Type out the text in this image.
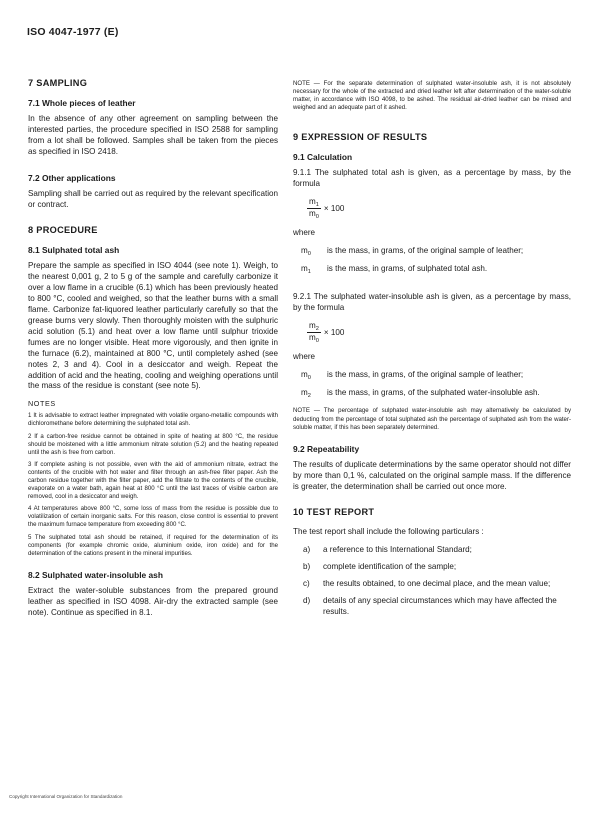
ISO 4047-1977 (E)
7 SAMPLING
7.1 Whole pieces of leather

In the absence of any other agreement on sampling between the interested parties, the procedure specified in ISO 2588 for sampling from a lot shall be followed. Samples shall be taken from the pieces as specified in ISO 2418.

7.2 Other applications

Sampling shall be carried out as required by the relevant specification or contract.

8 PROCEDURE
8.1 Sulphated total ash

Prepare the sample as specified in ISO 4044 (see note 1). Weigh, to the nearest 0,001 g, 2 to 5 g of the sample and carefully carbonize it over a low flame in a crucible (6.1) which has been previously heated to 800 °C, cooled and weighed, so that the leather burns with a small flame. Carbonize fat-liquored leather particularly carefully so that the grease burns very slowly. Then thoroughly moisten with the sulphuric acid solution (5.1) and heat over a low flame until sulphur trioxide fumes are no longer visible. Heat more vigorously, and then ignite in the furnace (6.2), maintained at 800 °C, until completely ashed (see notes 2, 3 and 4). Cool in a desiccator and weigh. Repeat the addition of acid and the heating, cooling and weighing operations until the mass of the residue is constant (see note 5).

NOTES

1 It is advisable to extract leather impregnated with volatile organo-metallic compounds with dichloromethane before determining the sulphated total ash.

2 If a carbon-free residue cannot be obtained in spite of heating at 800 °C, the residue should be moistened with a little ammonium nitrate solution (5.2) and the heating repeated until the ash is free from carbon.

3 If complete ashing is not possible, even with the aid of ammonium nitrate, extract the contents of the crucible with hot water and filter through an ash-free filter paper. Ash the carbon residue together with the filter paper, add the filtrate to the contents of the crucible, evaporate on a water bath, again heat at 800 °C until the last traces of visible carbon are removed, cool in a desiccator and weigh.

4 At temperatures above 800 °C, some loss of mass from the residue is possible due to volatilization of certain inorganic salts. For this reason, close control is essential to prevent the maximum furnace temperature from exceeding 800 °C.

5 The sulphated total ash should be retained, if required for the determination of its components (for example chromic oxide, aluminium oxide, iron oxide) and for the determination of the cations present in the mineral impurities.

8.2 Sulphated water-insoluble ash

Extract the water-soluble substances from the prepared ground leather as specified in ISO 4098. Air-dry the extracted sample (see note). Continue as specified in 8.1.

NOTE — For the separate determination of sulphated water-insoluble ash, it is not absolutely necessary for the whole of the extracted and dried leather left after determination of the water-soluble matter, in accordance with ISO 4098, to be ashed. The residual air-dried leather can be mixed and weighed and an adequate part of it ashed.

9 EXPRESSION OF RESULTS
9.1 Calculation

9.1.1 The sulphated total ash is given, as a percentage by mass, by the formula

$\frac{m_1}{m_0} \times 100$

where

$m_0$	is the mass, in grams, of the original sample of leather;
$m_1$	is the mass, in grams, of sulphated total ash.

9.2.1 The sulphated water-insoluble ash is given, as a percentage by mass, by the formula

$\frac{m_2}{m_0} \times 100$

where

$m_0$	is the mass, in grams, of the original sample of leather;
$m_2$	is the mass, in grams, of the sulphated water-insoluble ash.

NOTE — The percentage of sulphated water-insoluble ash may alternatively be calculated by deducting from the percentage of total sulphated ash the percentage of sulphated ash from the water-soluble matter, if this has been separately determined.

9.2 Repeatability

The results of duplicate determinations by the same operator should not differ by more than 0,1 %, calculated on the original sample mass. If the difference is greater, the determination shall be carried out once more.

10 TEST REPORT

The test report shall include the following particulars :

a)	a reference to this International Standard;
b)	complete identification of the sample;
c)	the results obtained, to one decimal place, and the mean value;
d)	details of any special circumstances which may have affected the results.
Copyright International Organization for Standardization
